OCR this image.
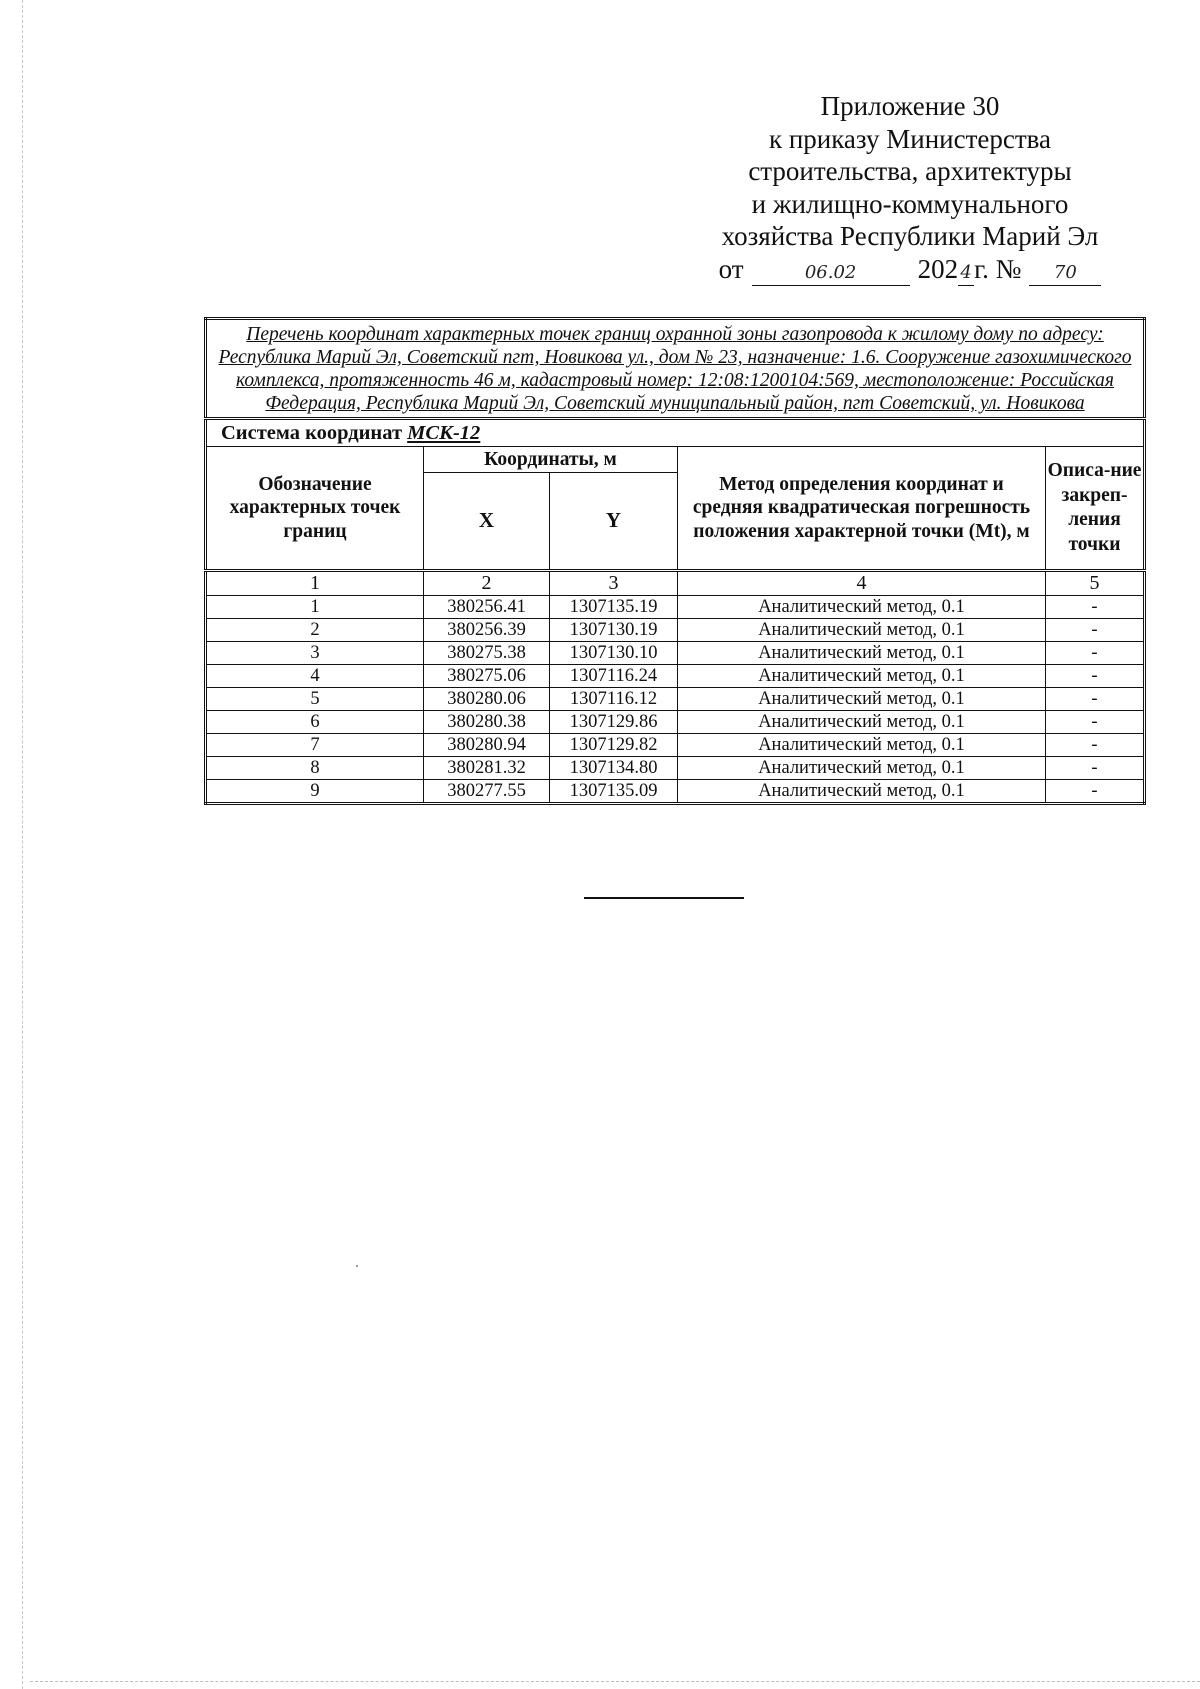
Приложение 30
к приказу Министерства
строительства, архитектуры
и жилищно-коммунального
хозяйства Республики Марий Эл
от	06.02	202 4г. №	70
Перечень координат характерных точек границ охранной зоны газопровода к жилому дому по адресу: Республика Марий Эл, Советский пгт, Новикова ул., дом № 23, назначение: 1.6. Сооружение газохимического комплекса, протяженность 46 м, кадастровый номер: 12:08:1200104:569, местоположение: Российская Федерация, Республика Марий Эл, Советский муниципальный район, пгт Советский, ул. Новикова				
Система координат МСК-12				
Обозначение характерных точек границ	Координаты, м		Метод определения координат и средняя квадратическая погрешность положения характерной точки (Mt), м	Описа-ние закреп-ления точки
	X	Y		
1	2	3	4	5
1	380256.41	1307135.19	Аналитический метод, 0.1	-
2	380256.39	1307130.19	Аналитический метод, 0.1	-
3	380275.38	1307130.10	Аналитический метод, 0.1	-
4	380275.06	1307116.24	Аналитический метод, 0.1	-
5	380280.06	1307116.12	Аналитический метод, 0.1	-
6	380280.38	1307129.86	Аналитический метод, 0.1	-
7	380280.94	1307129.82	Аналитический метод, 0.1	-
8	380281.32	1307134.80	Аналитический метод, 0.1	-
9	380277.55	1307135.09	Аналитический метод, 0.1	-
